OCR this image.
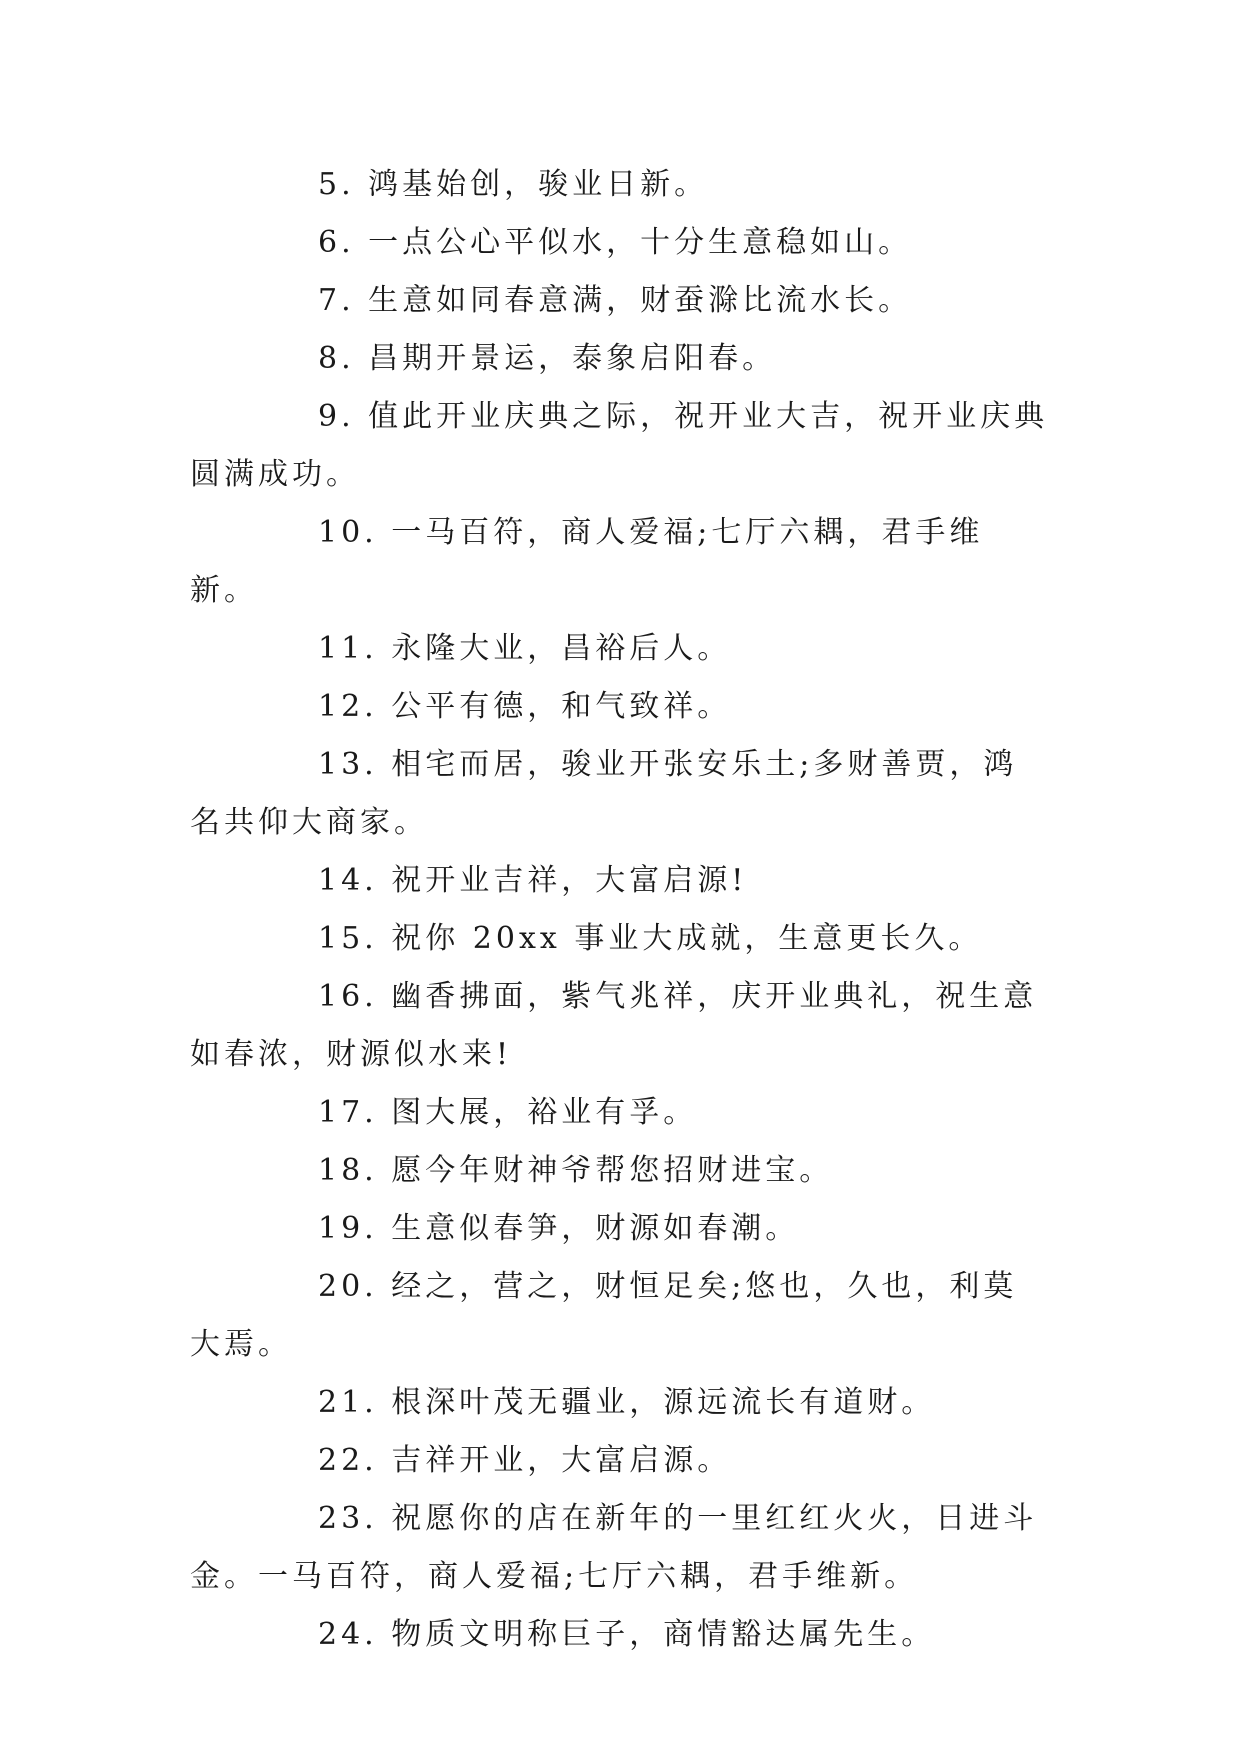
5. 鸿基始创，骏业日新。

6. 一点公心平似水，十分生意稳如山。

7. 生意如同春意满，财蚕滁比流水长。

8. 昌期开景运，泰象启阳春。

9. 值此开业庆典之际，祝开业大吉，祝开业庆典圆满成功。

10. 一马百符，商人爱福;七厅六耦，君手维新。

11. 永隆大业，昌裕后人。

12. 公平有德，和气致祥。

13. 相宅而居，骏业开张安乐土;多财善贾，鸿名共仰大商家。

14. 祝开业吉祥，大富启源!

15. 祝你 20xx 事业大成就，生意更长久。

16. 幽香拂面，紫气兆祥，庆开业典礼，祝生意如春浓，财源似水来!

17. 图大展，裕业有孚。

18. 愿今年财神爷帮您招财进宝。

19. 生意似春笋，财源如春潮。

20. 经之，营之，财恒足矣;悠也，久也，利莫大焉。

21. 根深叶茂无疆业，源远流长有道财。

22. 吉祥开业，大富启源。

23. 祝愿你的店在新年的一里红红火火，日进斗金。一马百符，商人爱福;七厅六耦，君手维新。

24. 物质文明称巨子，商情豁达属先生。
